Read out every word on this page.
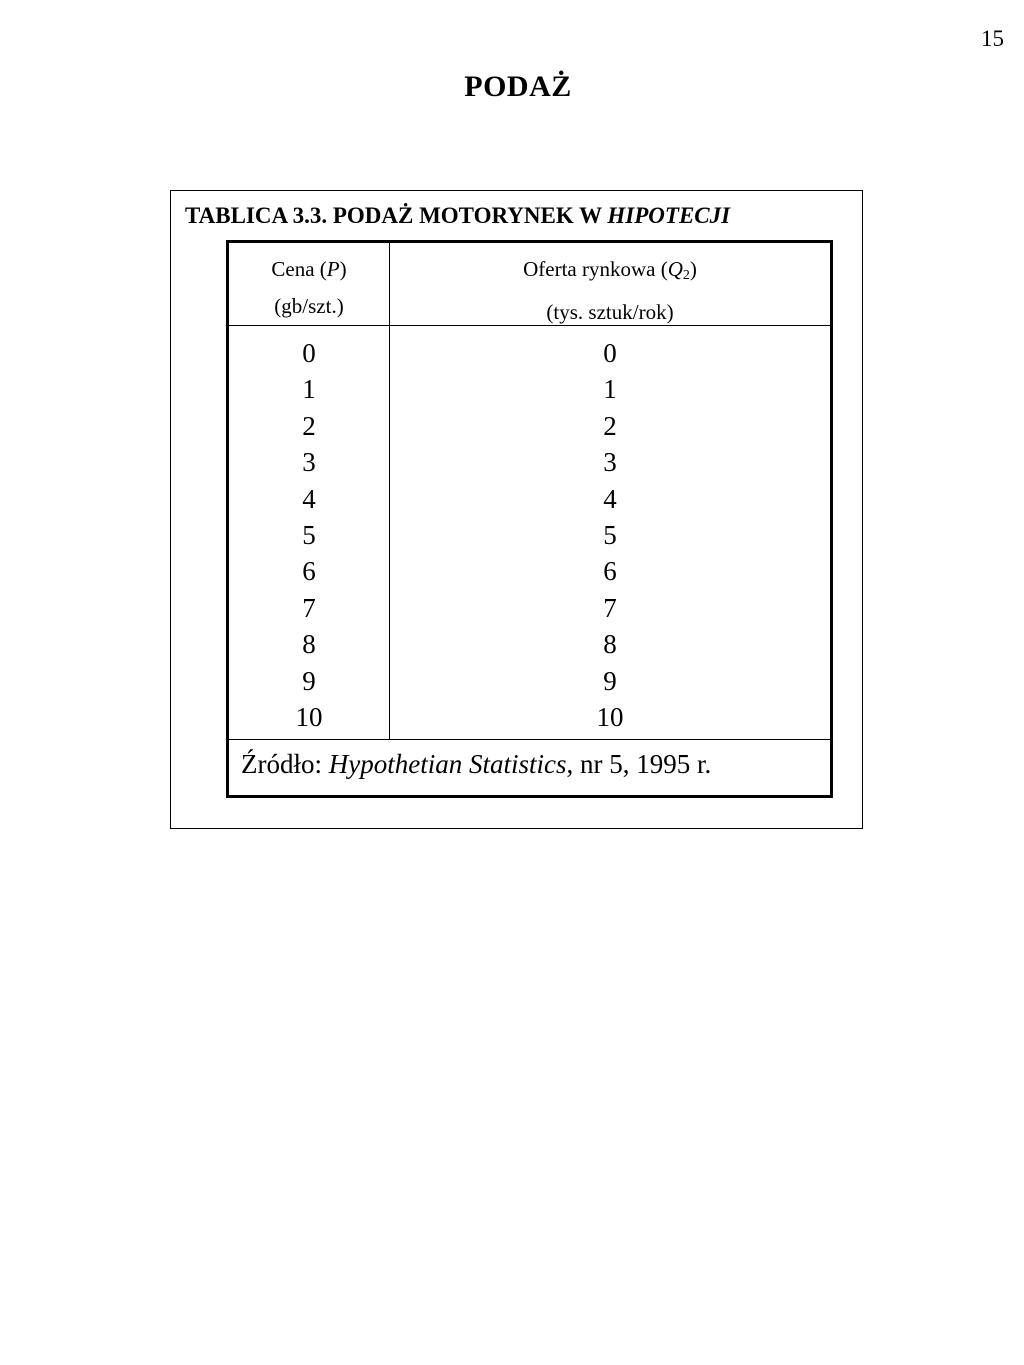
15
PODAŻ
TABLICA 3.3. PODAŻ MOTORYNEK W HIPOTECJI
Cena (P)
(gb/szt.)
Oferta rynkowa $(Q_2)$
(tys. sztuk/rok)
0
1
2
3
4
5
6
7
8
9
10
0
1
2
3
4
5
6
7
8
9
10
Źródło: Hypothetian Statistics, nr 5, 1995 r.
